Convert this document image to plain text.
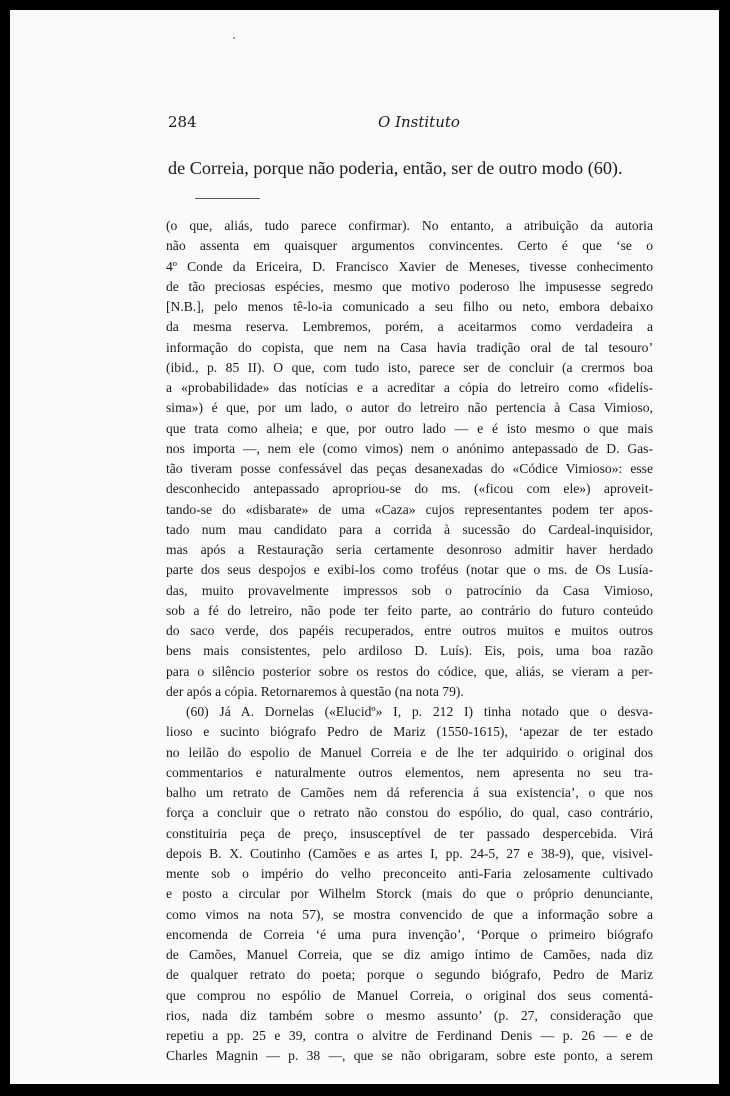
284	O Instituto

de Correia, porque não poderia, então, ser de outro modo (60).

(o que, aliás, tudo parece confirmar). No entanto, a atribuição da autoria
não assenta em quaisquer argumentos convincentes. Certo é que ‘se o
4º Conde da Ericeira, D. Francisco Xavier de Meneses, tivesse conhecimento
de tão preciosas espécies, mesmo que motivo poderoso lhe impusesse segredo
[N.B.], pelo menos tê-lo-ia comunicado a seu filho ou neto, embora debaixo
da mesma reserva. Lembremos, porém, a aceitarmos como verdadeira a
informação do copista, que nem na Casa havia tradição oral de tal tesouro’
(ibid., p. 85 II). O que, com tudo isto, parece ser de concluir (a crermos boa
a «probabilidade» das notícias e a acreditar a cópia do letreiro como «fidelís-
sima») é que, por um lado, o autor do letreiro não pertencia à Casa Vimioso,
que trata como alheia; e que, por outro lado — e é isto mesmo o que mais
nos importa —, nem ele (como vimos) nem o anónimo antepassado de D. Gas-
tão tiveram posse confessável das peças desanexadas do «Códice Vimioso»: esse
desconhecido antepassado apropriou-se do ms. («ficou com ele») aproveit-
tando-se do «disbarate» de uma «Caza» cujos representantes podem ter apos-
tado num mau candidato para a corrida à sucessão do Cardeal-inquisidor,
mas após a Restauração seria certamente desonroso admitir haver herdado
parte dos seus despojos e exibi-los como troféus (notar que o ms. de Os Lusía-
das, muito provavelmente impressos sob o patrocínio da Casa Vimioso,
sob a fé do letreiro, não pode ter feito parte, ao contrário do futuro conteúdo
do saco verde, dos papéis recuperados, entre outros muitos e muitos outros
bens mais consistentes, pelo ardiloso D. Luís). Eis, pois, uma boa razão
para o silêncio posterior sobre os restos do códice, que, aliás, se vieram a per-
der após a cópia. Retornaremos à questão (na nota 79).
(60) Já A. Dornelas («Elucidº» I, p. 212 I) tinha notado que o desva-
lioso e sucinto biógrafo Pedro de Mariz (1550-1615), ‘apezar de ter estado
no leilão do espolio de Manuel Correia e de lhe ter adquirido o original dos
commentarios e naturalmente outros elementos, nem apresenta no seu tra-
balho um retrato de Camões nem dá referencia á sua existencia’, o que nos
força a concluir que o retrato não constou do espólio, do qual, caso contrário,
constituiria peça de preço, insusceptível de ter passado despercebida. Virá
depois B. X. Coutinho (Camões e as artes I, pp. 24-5, 27 e 38-9), que, visivel-
mente sob o império do velho preconceito anti-Faria zelosamente cultivado
e posto a circular por Wilhelm Storck (mais do que o próprio denunciante,
como vimos na nota 57), se mostra convencido de que a informação sobre a
encomenda de Correia ‘é uma pura invenção’, ‘Porque o primeiro biógrafo
de Camões, Manuel Correia, que se diz amigo íntimo de Camões, nada diz
de qualquer retrato do poeta; porque o segundo biógrafo, Pedro de Mariz
que comprou no espólio de Manuel Correia, o original dos seus comentá-
rios, nada diz também sobre o mesmo assunto’ (p. 27, consideração que
repetiu a pp. 25 e 39, contra o alvitre de Ferdinand Denis — p. 26 — e de
Charles Magnin — p. 38 —, que se não obrigaram, sobre este ponto, a serem
